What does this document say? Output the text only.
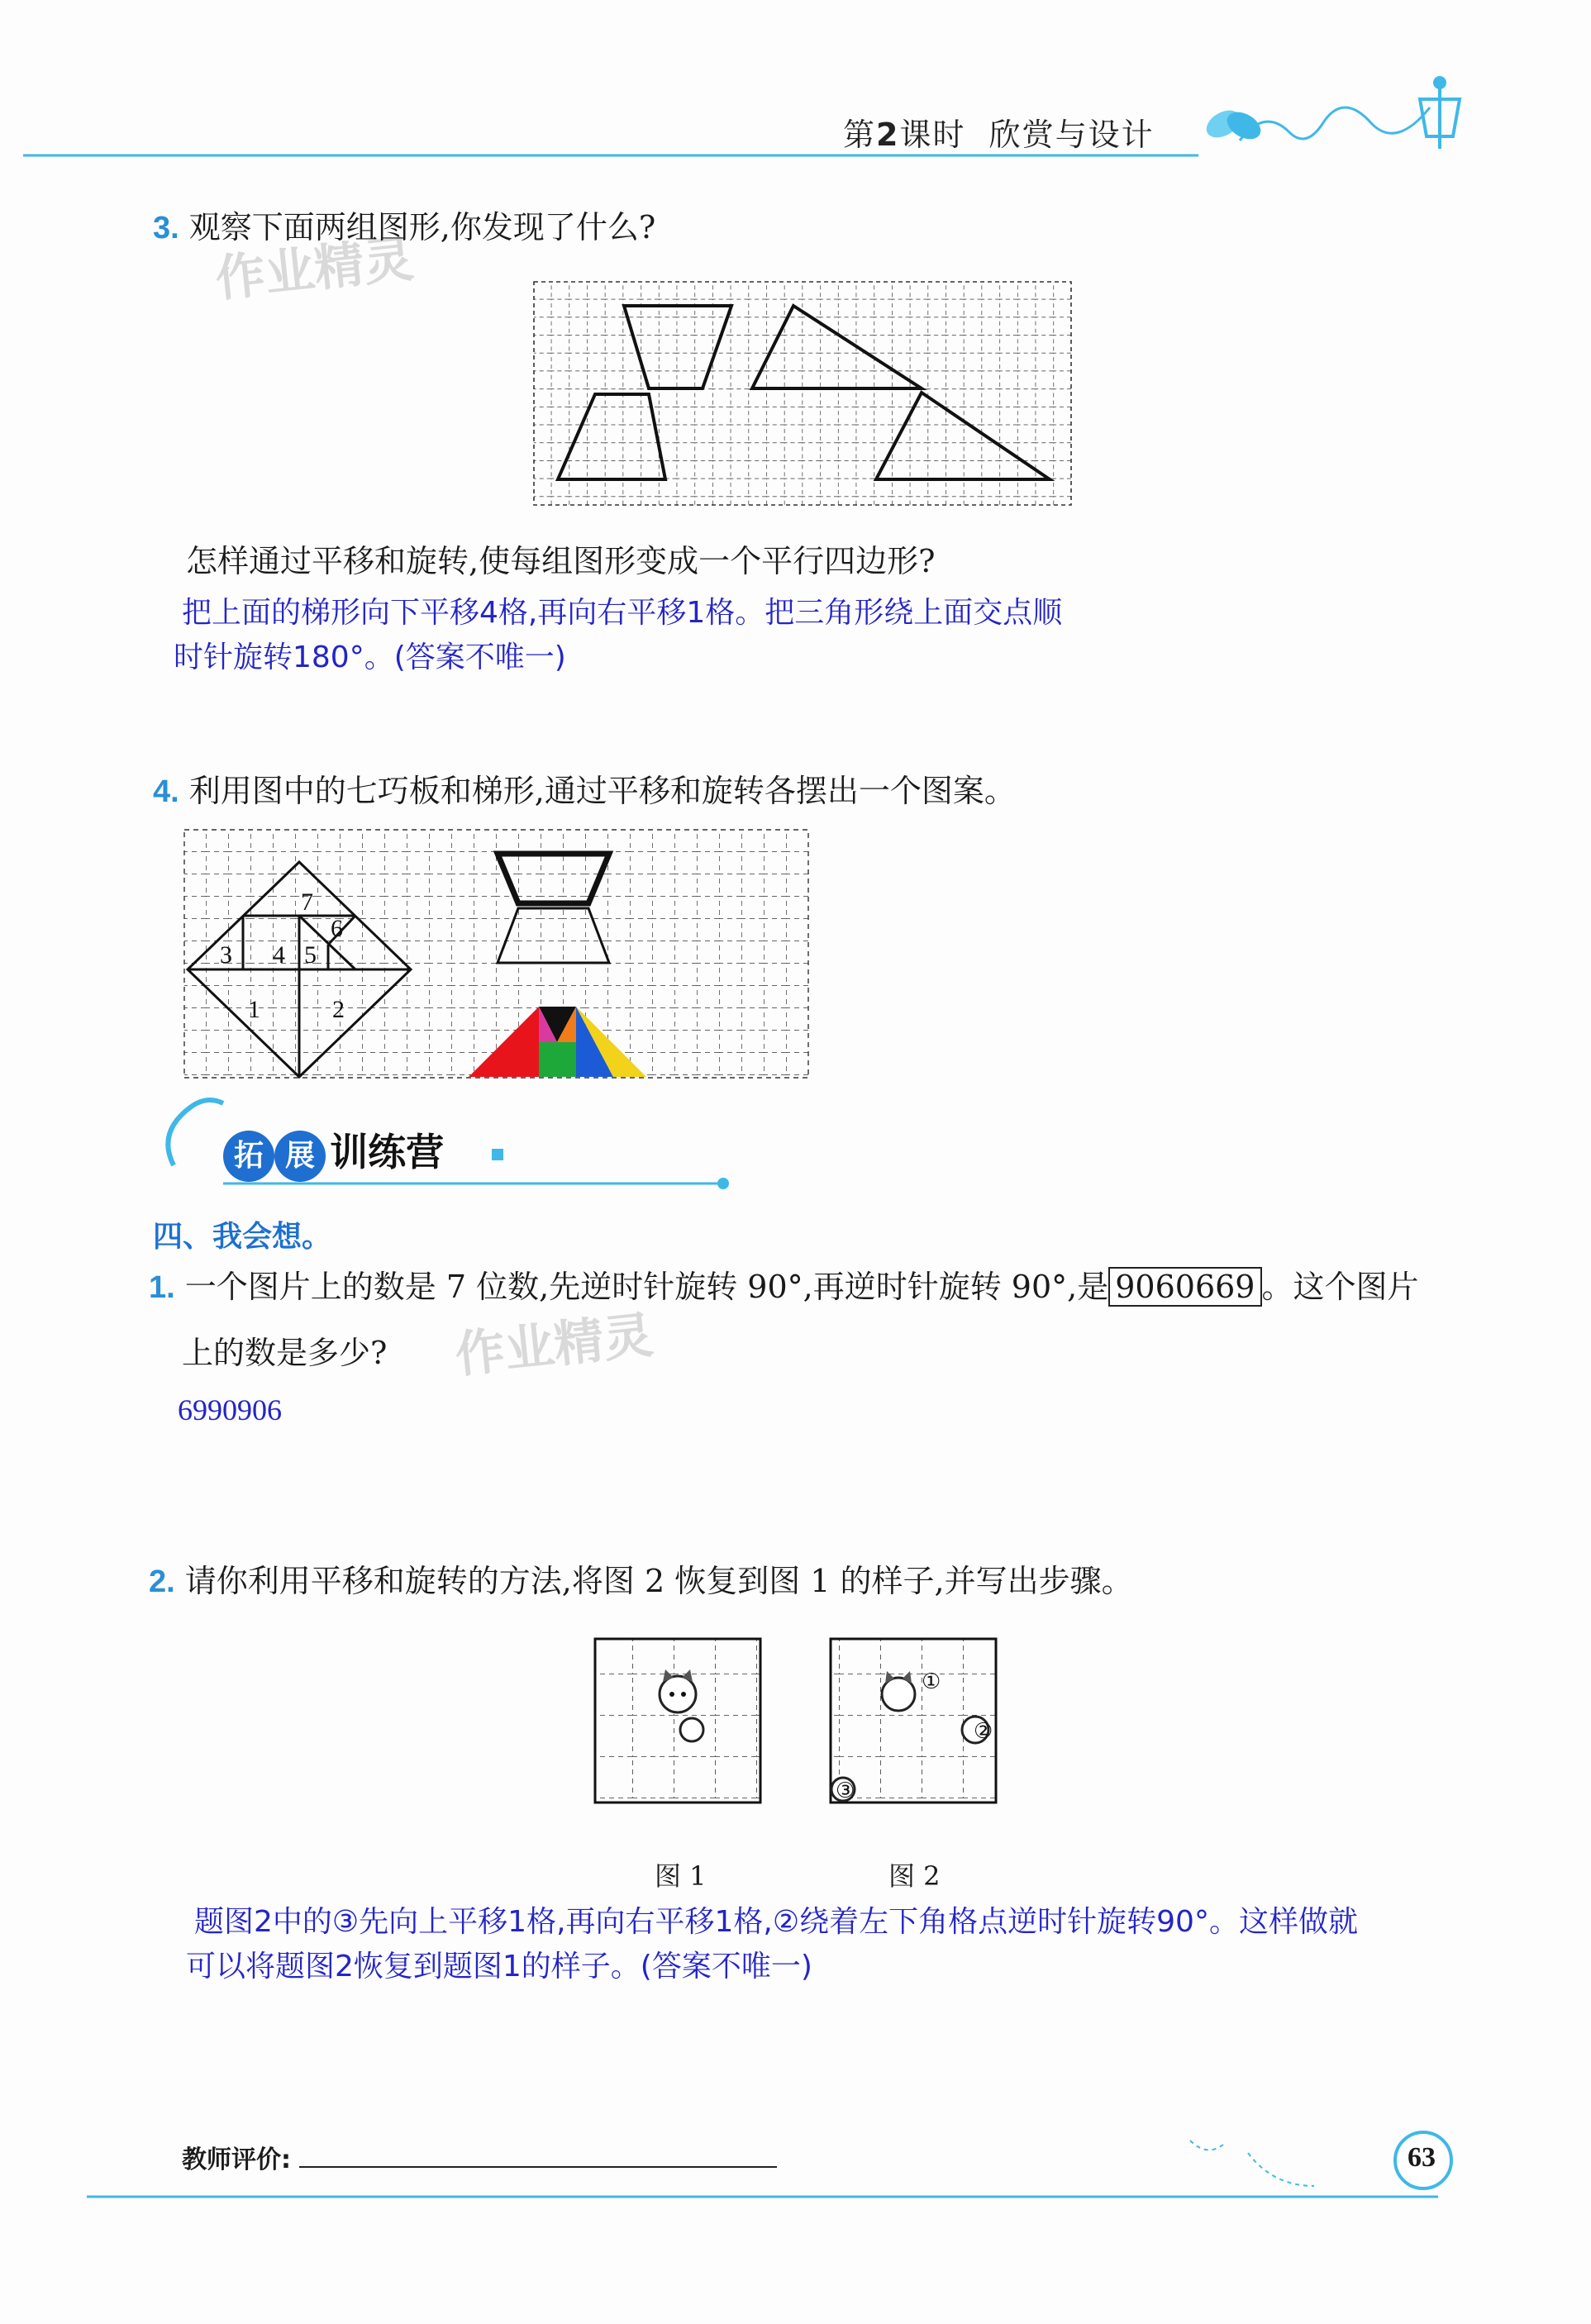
第2课时 欣赏与设计
作业精灵
作业精灵
3. 观察下面两组图形,你发现了什么?
怎样通过平移和旋转,使每组图形变成一个平行四边形?
把上面的梯形向下平移4格,再向右平移1格。把三角形绕上面交点顺
时针旋转180°。(答案不唯一)
4. 利用图中的七巧板和梯形,通过平移和旋转各摆出一个图案。
3 4 5
6
7
1	2
拓 展 训练营
四、我会想。
1. 一个图片上的数是 7 位数,先逆时针旋转 90°,再逆时针旋转 90°,是 9060669 。这个图片
上的数是多少?
6990906
2. 请你利用平移和旋转的方法,将图 2 恢复到图 1 的样子,并写出步骤。
①
②
③
图 1	图 2
题图2中的③先向上平移1格,再向右平移1格,②绕着左下角格点逆时针旋转90°。这样做就
可以将题图2恢复到题图1的样子。(答案不唯一)
教师评价:	63
